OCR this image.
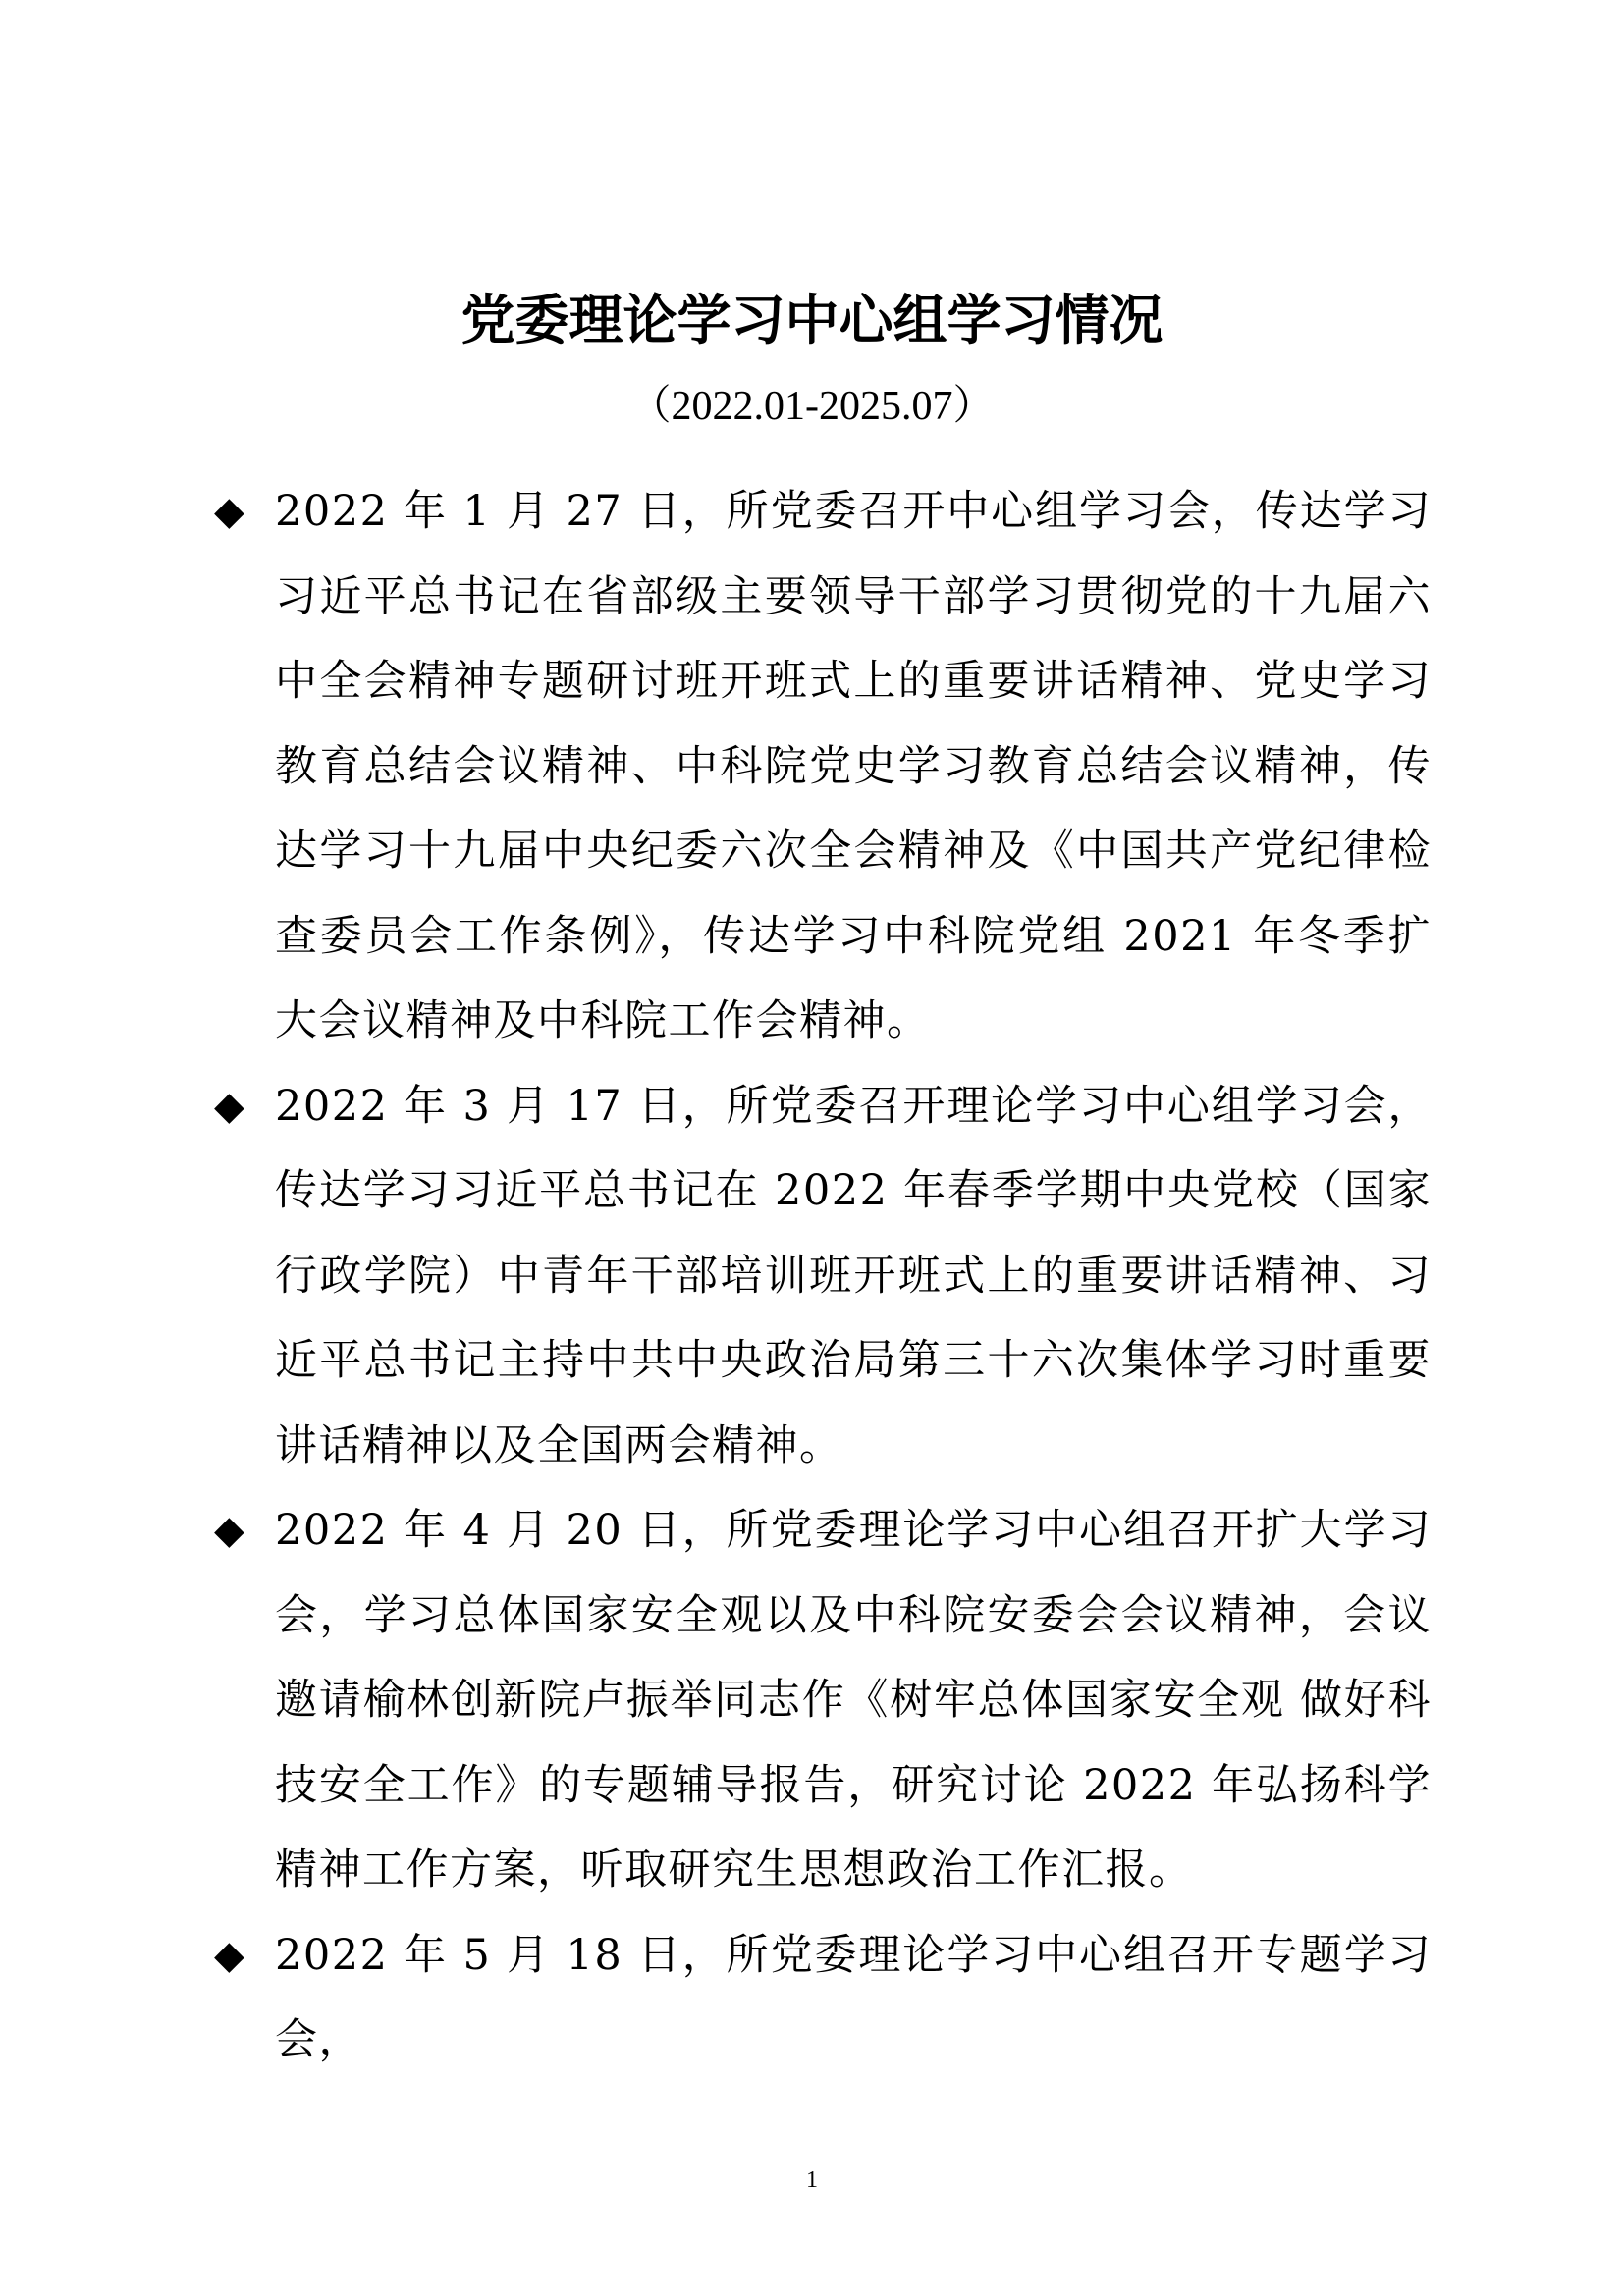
党委理论学习中心组学习情况
（2022.01-2025.07）
◆ 2022 年 1 月 27 日，所党委召开中心组学习会，传达学习习近平总书记在省部级主要领导干部学习贯彻党的十九届六中全会精神专题研讨班开班式上的重要讲话精神、党史学习教育总结会议精神、中科院党史学习教育总结会议精神，传达学习十九届中央纪委六次全会精神及《中国共产党纪律检查委员会工作条例》，传达学习中科院党组 2021 年冬季扩大会议精神及中科院工作会精神。
◆ 2022 年 3 月 17 日，所党委召开理论学习中心组学习会，传达学习习近平总书记在 2022 年春季学期中央党校（国家行政学院）中青年干部培训班开班式上的重要讲话精神、习近平总书记主持中共中央政治局第三十六次集体学习时重要讲话精神以及全国两会精神。
◆ 2022 年 4 月 20 日，所党委理论学习中心组召开扩大学习会，学习总体国家安全观以及中科院安委会会议精神，会议邀请榆林创新院卢振举同志作《树牢总体国家安全观 做好科技安全工作》的专题辅导报告，研究讨论 2022 年弘扬科学精神工作方案，听取研究生思想政治工作汇报。
◆ 2022 年 5 月 18 日，所党委理论学习中心组召开专题学习会，
1
